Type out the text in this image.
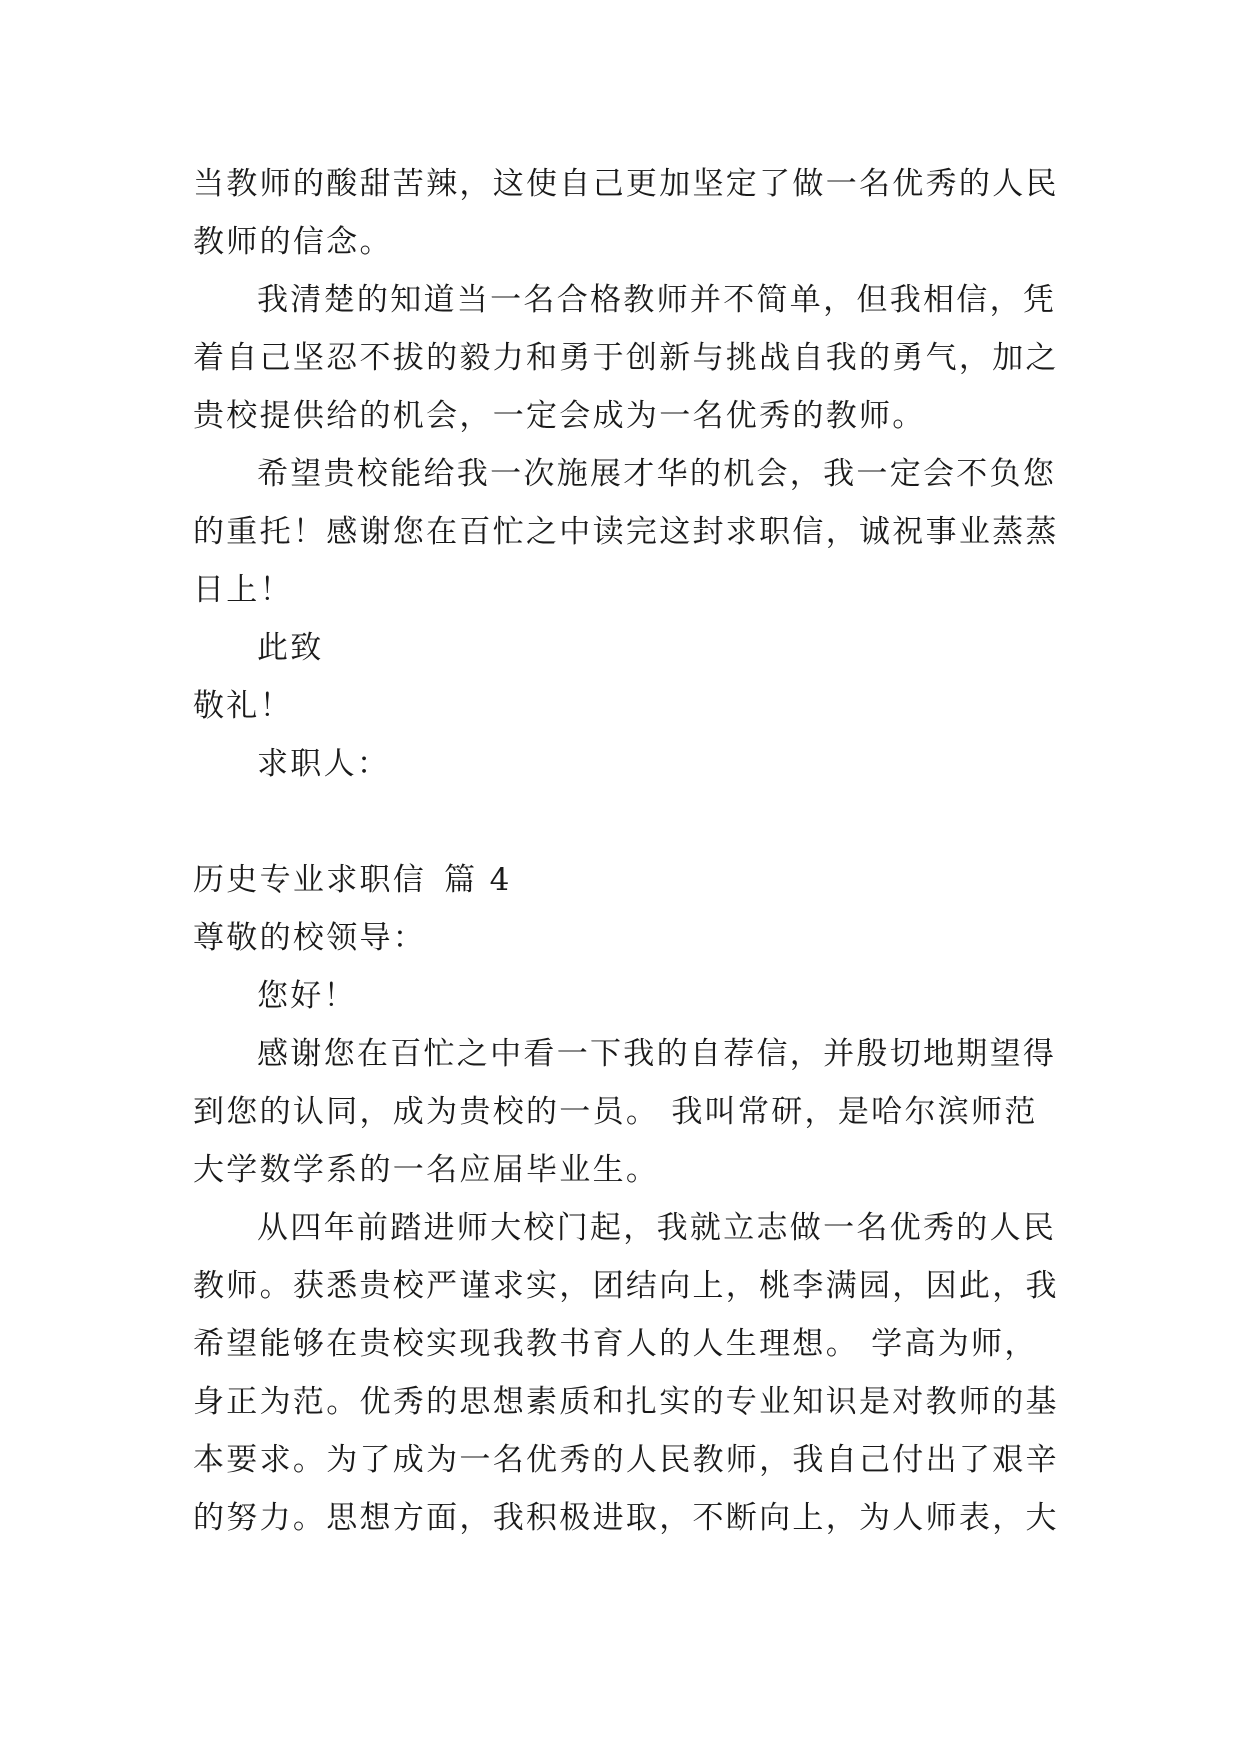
当教师的酸甜苦辣，这使自己更加坚定了做一名优秀的人民
教师的信念。
我清楚的知道当一名合格教师并不简单，但我相信，凭
着自己坚忍不拔的毅力和勇于创新与挑战自我的勇气，加之
贵校提供给的机会，一定会成为一名优秀的教师。
希望贵校能给我一次施展才华的机会，我一定会不负您
的重托！感谢您在百忙之中读完这封求职信，诚祝事业蒸蒸
日上！
此致
敬礼！
求职人：
历史专业求职信 篇 4
尊敬的校领导：
您好！
感谢您在百忙之中看一下我的自荐信，并殷切地期望得
到您的认同，成为贵校的一员。 我叫常研，是哈尔滨师范
大学数学系的一名应届毕业生。
从四年前踏进师大校门起，我就立志做一名优秀的人民
教师。获悉贵校严谨求实，团结向上，桃李满园，因此，我
希望能够在贵校实现我教书育人的人生理想。 学高为师，
身正为范。优秀的思想素质和扎实的专业知识是对教师的基
本要求。为了成为一名优秀的人民教师，我自己付出了艰辛
的努力。思想方面，我积极进取，不断向上，为人师表，大
